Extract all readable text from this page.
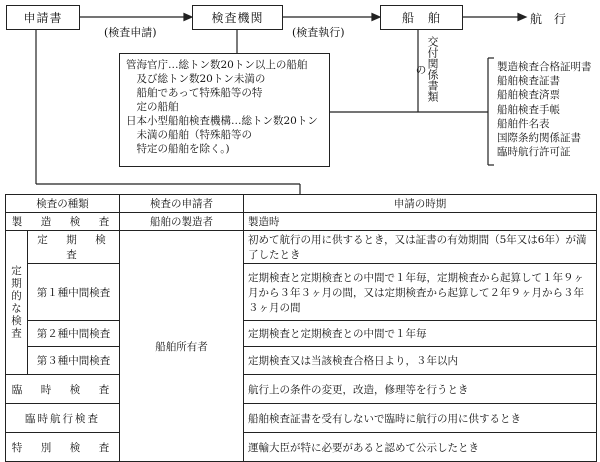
申請書
(検査申請)
検査機関
(検査執行)
船　舶	航　行
交付関係書類の
管海官庁…総トン数20トン以上の船舶
　及び総トン数20トン未満の
　船舶であって特殊船等の特
　定の船舶
日本小型船舶検査機構…総トン数20トン
　未満の船舶（特殊船等の
　特定の船舶を除く。)
製造検査合格証明書
船舶検査証書
船舶検査済票
船舶検査手帳
船舶件名表
国際条約関係証書
臨時航行許可証
検査の種類		検査の申請者	申請の時期
製　造　検　査		船舶の製造者	製造時
定期的な検査	定　期　検　査	船舶所有者	初めて航行の用に供するとき，又は証書の有効期間（5年又は6年）が満了したとき
	第１種中間検査		定期検査と定期検査との中間で１年毎，定期検査から起算して１年９ヶ月から３年３ヶ月の間，又は定期検査から起算して２年９ヶ月から３年３ヶ月の間
	第２種中間検査		定期検査と定期検査との中間で１年毎
	第３種中間検査		定期検査又は当該検査合格日より，３年以内
臨　時　検　査			航行上の条件の変更，改造，修理等を行うとき
臨時航行検査			船舶検査証書を受有しないで臨時に航行の用に供するとき
特　別　検　査			運輸大臣が特に必要があると認めて公示したとき
